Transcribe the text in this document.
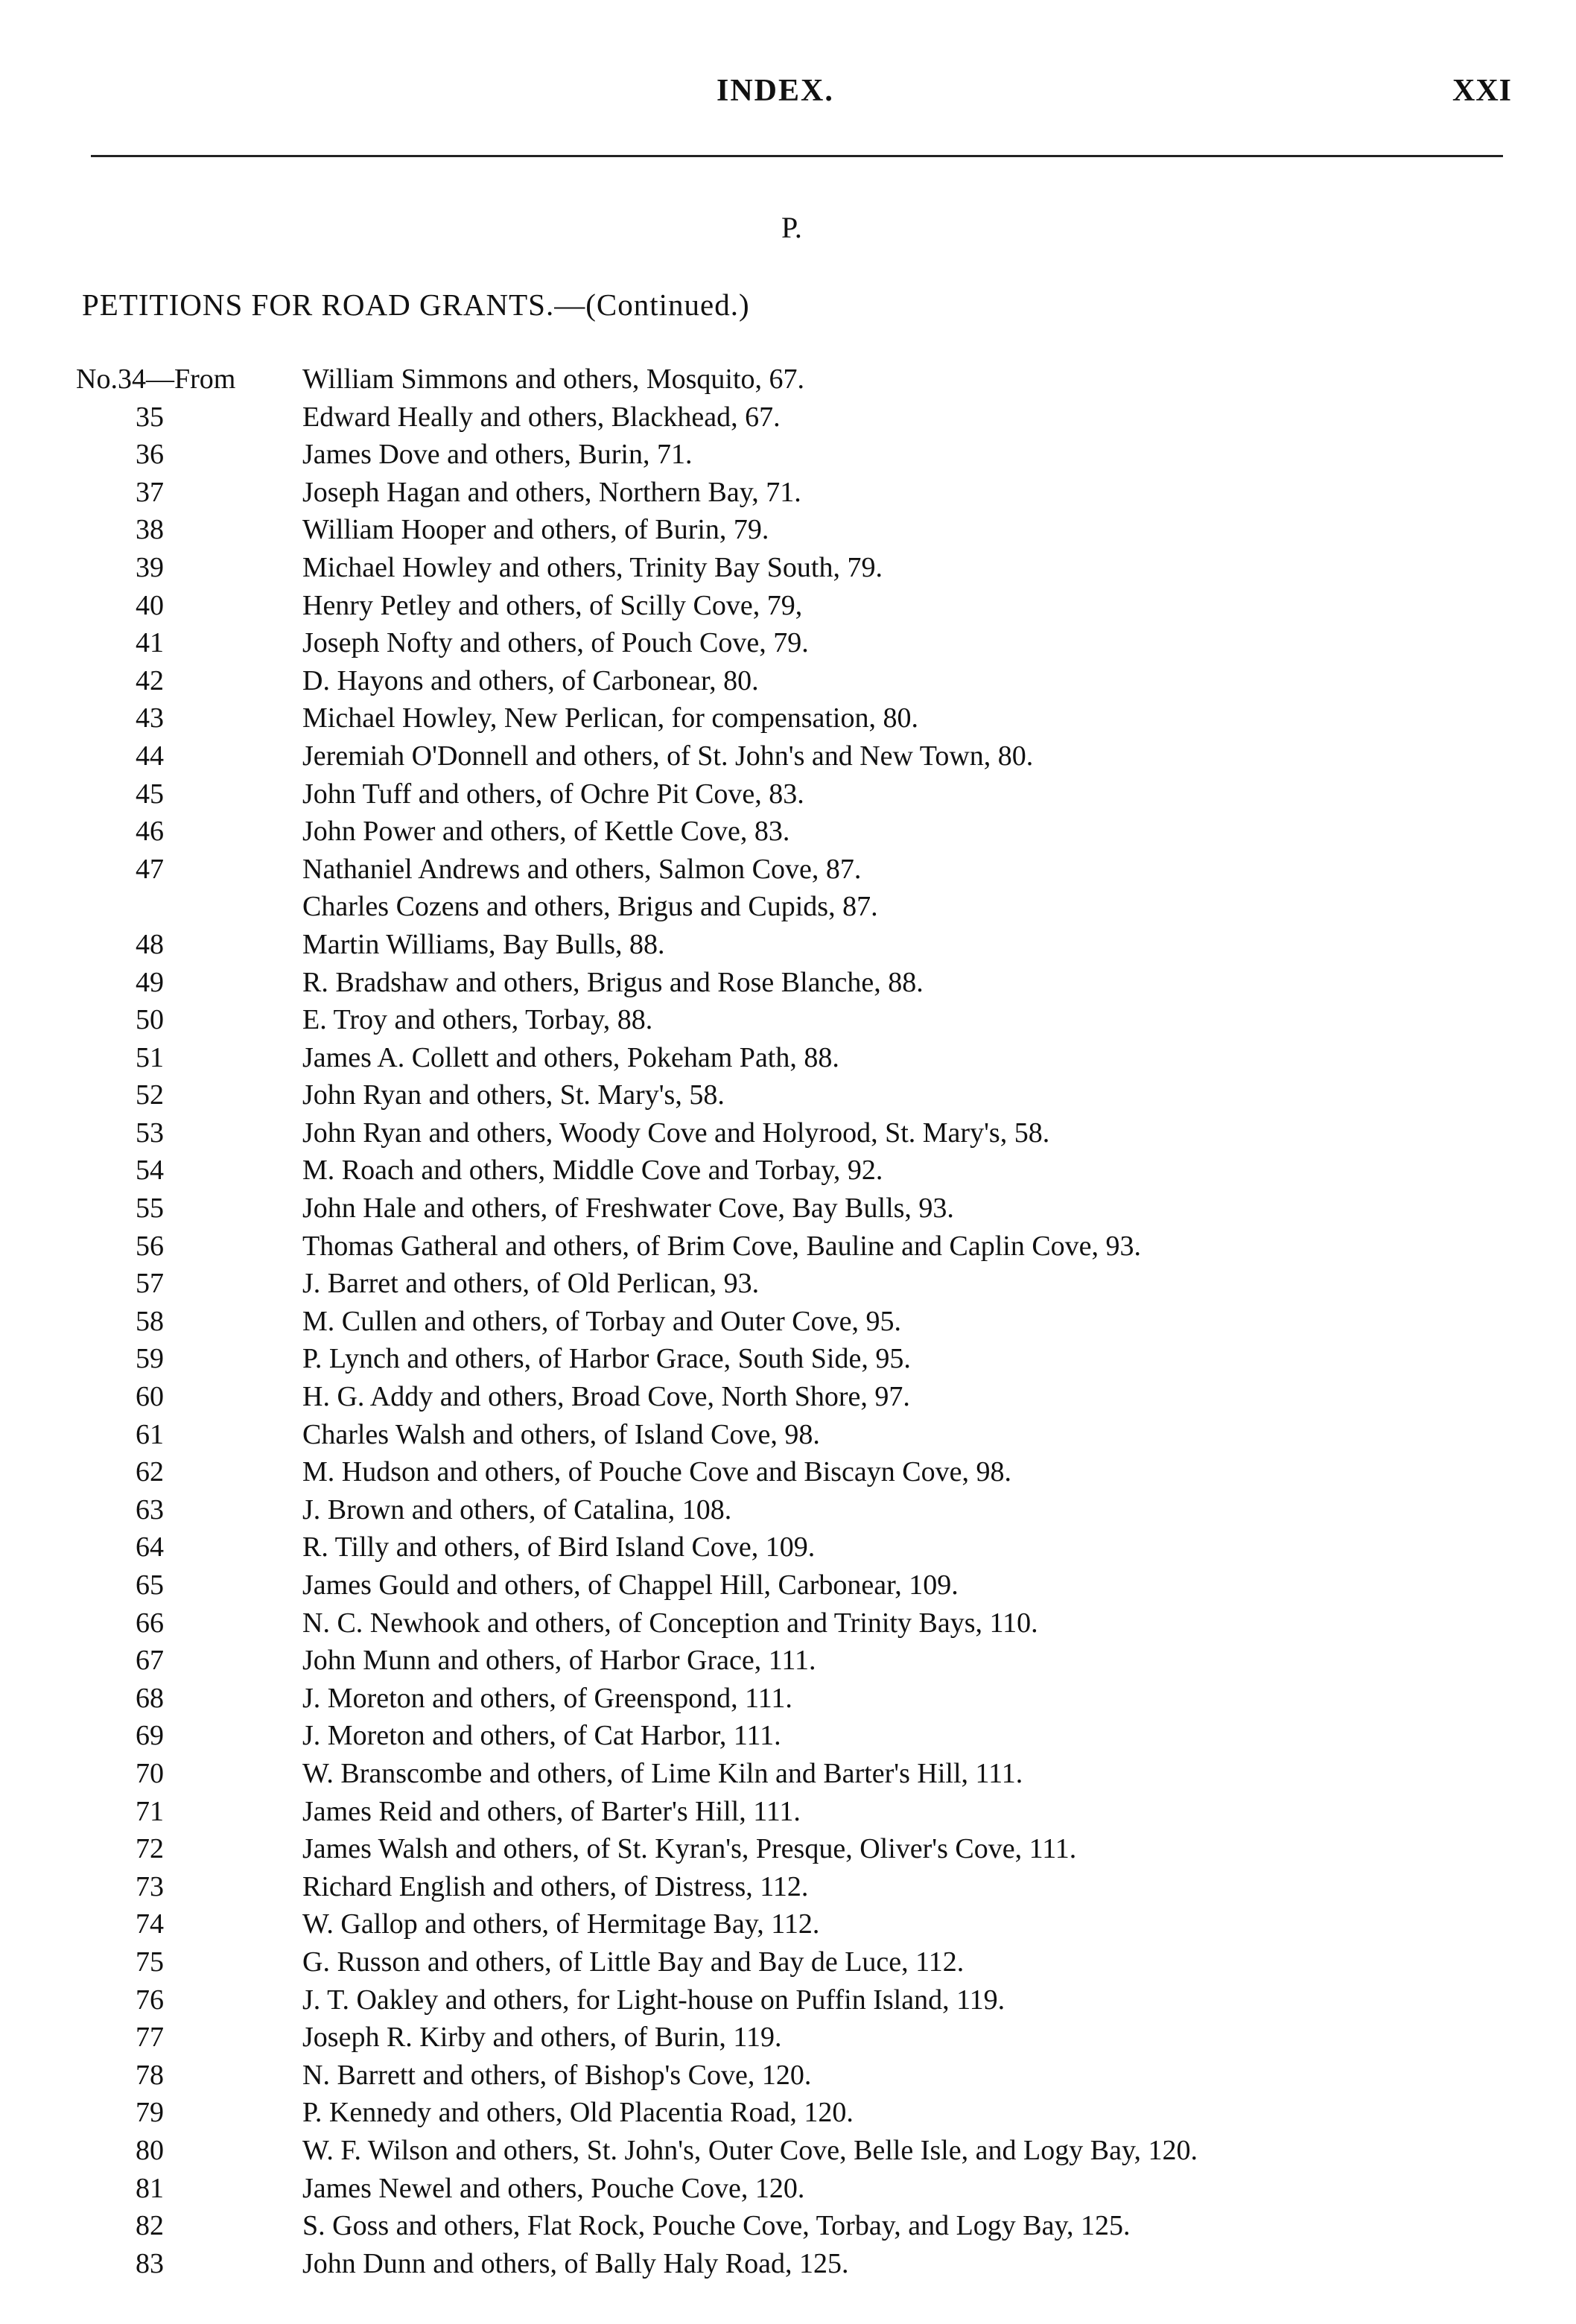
INDEX.	XXI
P.
PETITIONS FOR ROAD GRANTS.—(Continued.)
No.34—From William Simmons and others, Mosquito, 67.
35	Edward Heally and others, Blackhead, 67.
36	James Dove and others, Burin, 71.
37	Joseph Hagan and others, Northern Bay, 71.
38	William Hooper and others, of Burin, 79.
39	Michael Howley and others, Trinity Bay South, 79.
40	Henry Petley and others, of Scilly Cove, 79,
41	Joseph Nofty and others, of Pouch Cove, 79.
42	D. Hayons and others, of Carbonear, 80.
43	Michael Howley, New Perlican, for compensation, 80.
44	Jeremiah O'Donnell and others, of St. John's and New Town, 80.
45	John Tuff and others, of Ochre Pit Cove, 83.
46	John Power and others, of Kettle Cove, 83.
47	Nathaniel Andrews and others, Salmon Cove, 87.
Charles Cozens and others, Brigus and Cupids, 87.
48	Martin Williams, Bay Bulls, 88.
49	R. Bradshaw and others, Brigus and Rose Blanche, 88.
50	E. Troy and others, Torbay, 88.
51	James A. Collett and others, Pokeham Path, 88.
52	John Ryan and others, St. Mary's, 58.
53	John Ryan and others, Woody Cove and Holyrood, St. Mary's, 58.
54	M. Roach and others, Middle Cove and Torbay, 92.
55	John Hale and others, of Freshwater Cove, Bay Bulls, 93.
56	Thomas Gatheral and others, of Brim Cove, Bauline and Caplin Cove, 93.
57	J. Barret and others, of Old Perlican, 93.
58	M. Cullen and others, of Torbay and Outer Cove, 95.
59	P. Lynch and others, of Harbor Grace, South Side, 95.
60	H. G. Addy and others, Broad Cove, North Shore, 97.
61	Charles Walsh and others, of Island Cove, 98.
62	M. Hudson and others, of Pouche Cove and Biscayn Cove, 98.
63	J. Brown and others, of Catalina, 108.
64	R. Tilly and others, of Bird Island Cove, 109.
65	James Gould and others, of Chappel Hill, Carbonear, 109.
66	N. C. Newhook and others, of Conception and Trinity Bays, 110.
67	John Munn and others, of Harbor Grace, 111.
68	J. Moreton and others, of Greenspond, 111.
69	J. Moreton and others, of Cat Harbor, 111.
70	W. Branscombe and others, of Lime Kiln and Barter's Hill, 111.
71	James Reid and others, of Barter's Hill, 111.
72	James Walsh and others, of St. Kyran's, Presque, Oliver's Cove, 111.
73	Richard English and others, of Distress, 112.
74	W. Gallop and others, of Hermitage Bay, 112.
75	G. Russon and others, of Little Bay and Bay de Luce, 112.
76	J. T. Oakley and others, for Light-house on Puffin Island, 119.
77	Joseph R. Kirby and others, of Burin, 119.
78	N. Barrett and others, of Bishop's Cove, 120.
79	P. Kennedy and others, Old Placentia Road, 120.
80	W. F. Wilson and others, St. John's, Outer Cove, Belle Isle, and Logy Bay, 120.
81	James Newel and others, Pouche Cove, 120.
82	S. Goss and others, Flat Rock, Pouche Cove, Torbay, and Logy Bay, 125.
83	John Dunn and others, of Bally Haly Road, 125.
